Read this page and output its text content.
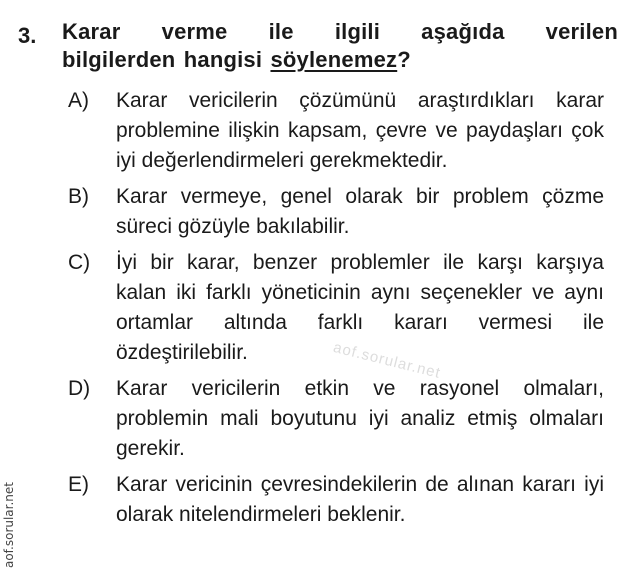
3.	Karar verme ile ilgili aşağıda verilen
bilgilerden hangisi söylenemez?
A)	Karar vericilerin çözümünü araştırdıkları karar problemine ilişkin kapsam, çevre ve paydaşları çok iyi değerlendirmeleri gerekmektedir.
B)	Karar vermeye, genel olarak bir problem çözme süreci gözüyle bakılabilir.
C)	İyi bir karar, benzer problemler ile karşı karşıya kalan iki farklı yöneticinin aynı seçenekler ve aynı ortamlar altında farklı kararı vermesi ile özdeştirilebilir.
D)	Karar vericilerin etkin ve rasyonel olmaları, problemin mali boyutunu iyi analiz etmiş olmaları gerekir.
E)	Karar vericinin çevresindekilerin de alınan kararı iyi olarak nitelendirmeleri beklenir.
aof.sorular.net
aof.sorular.net
